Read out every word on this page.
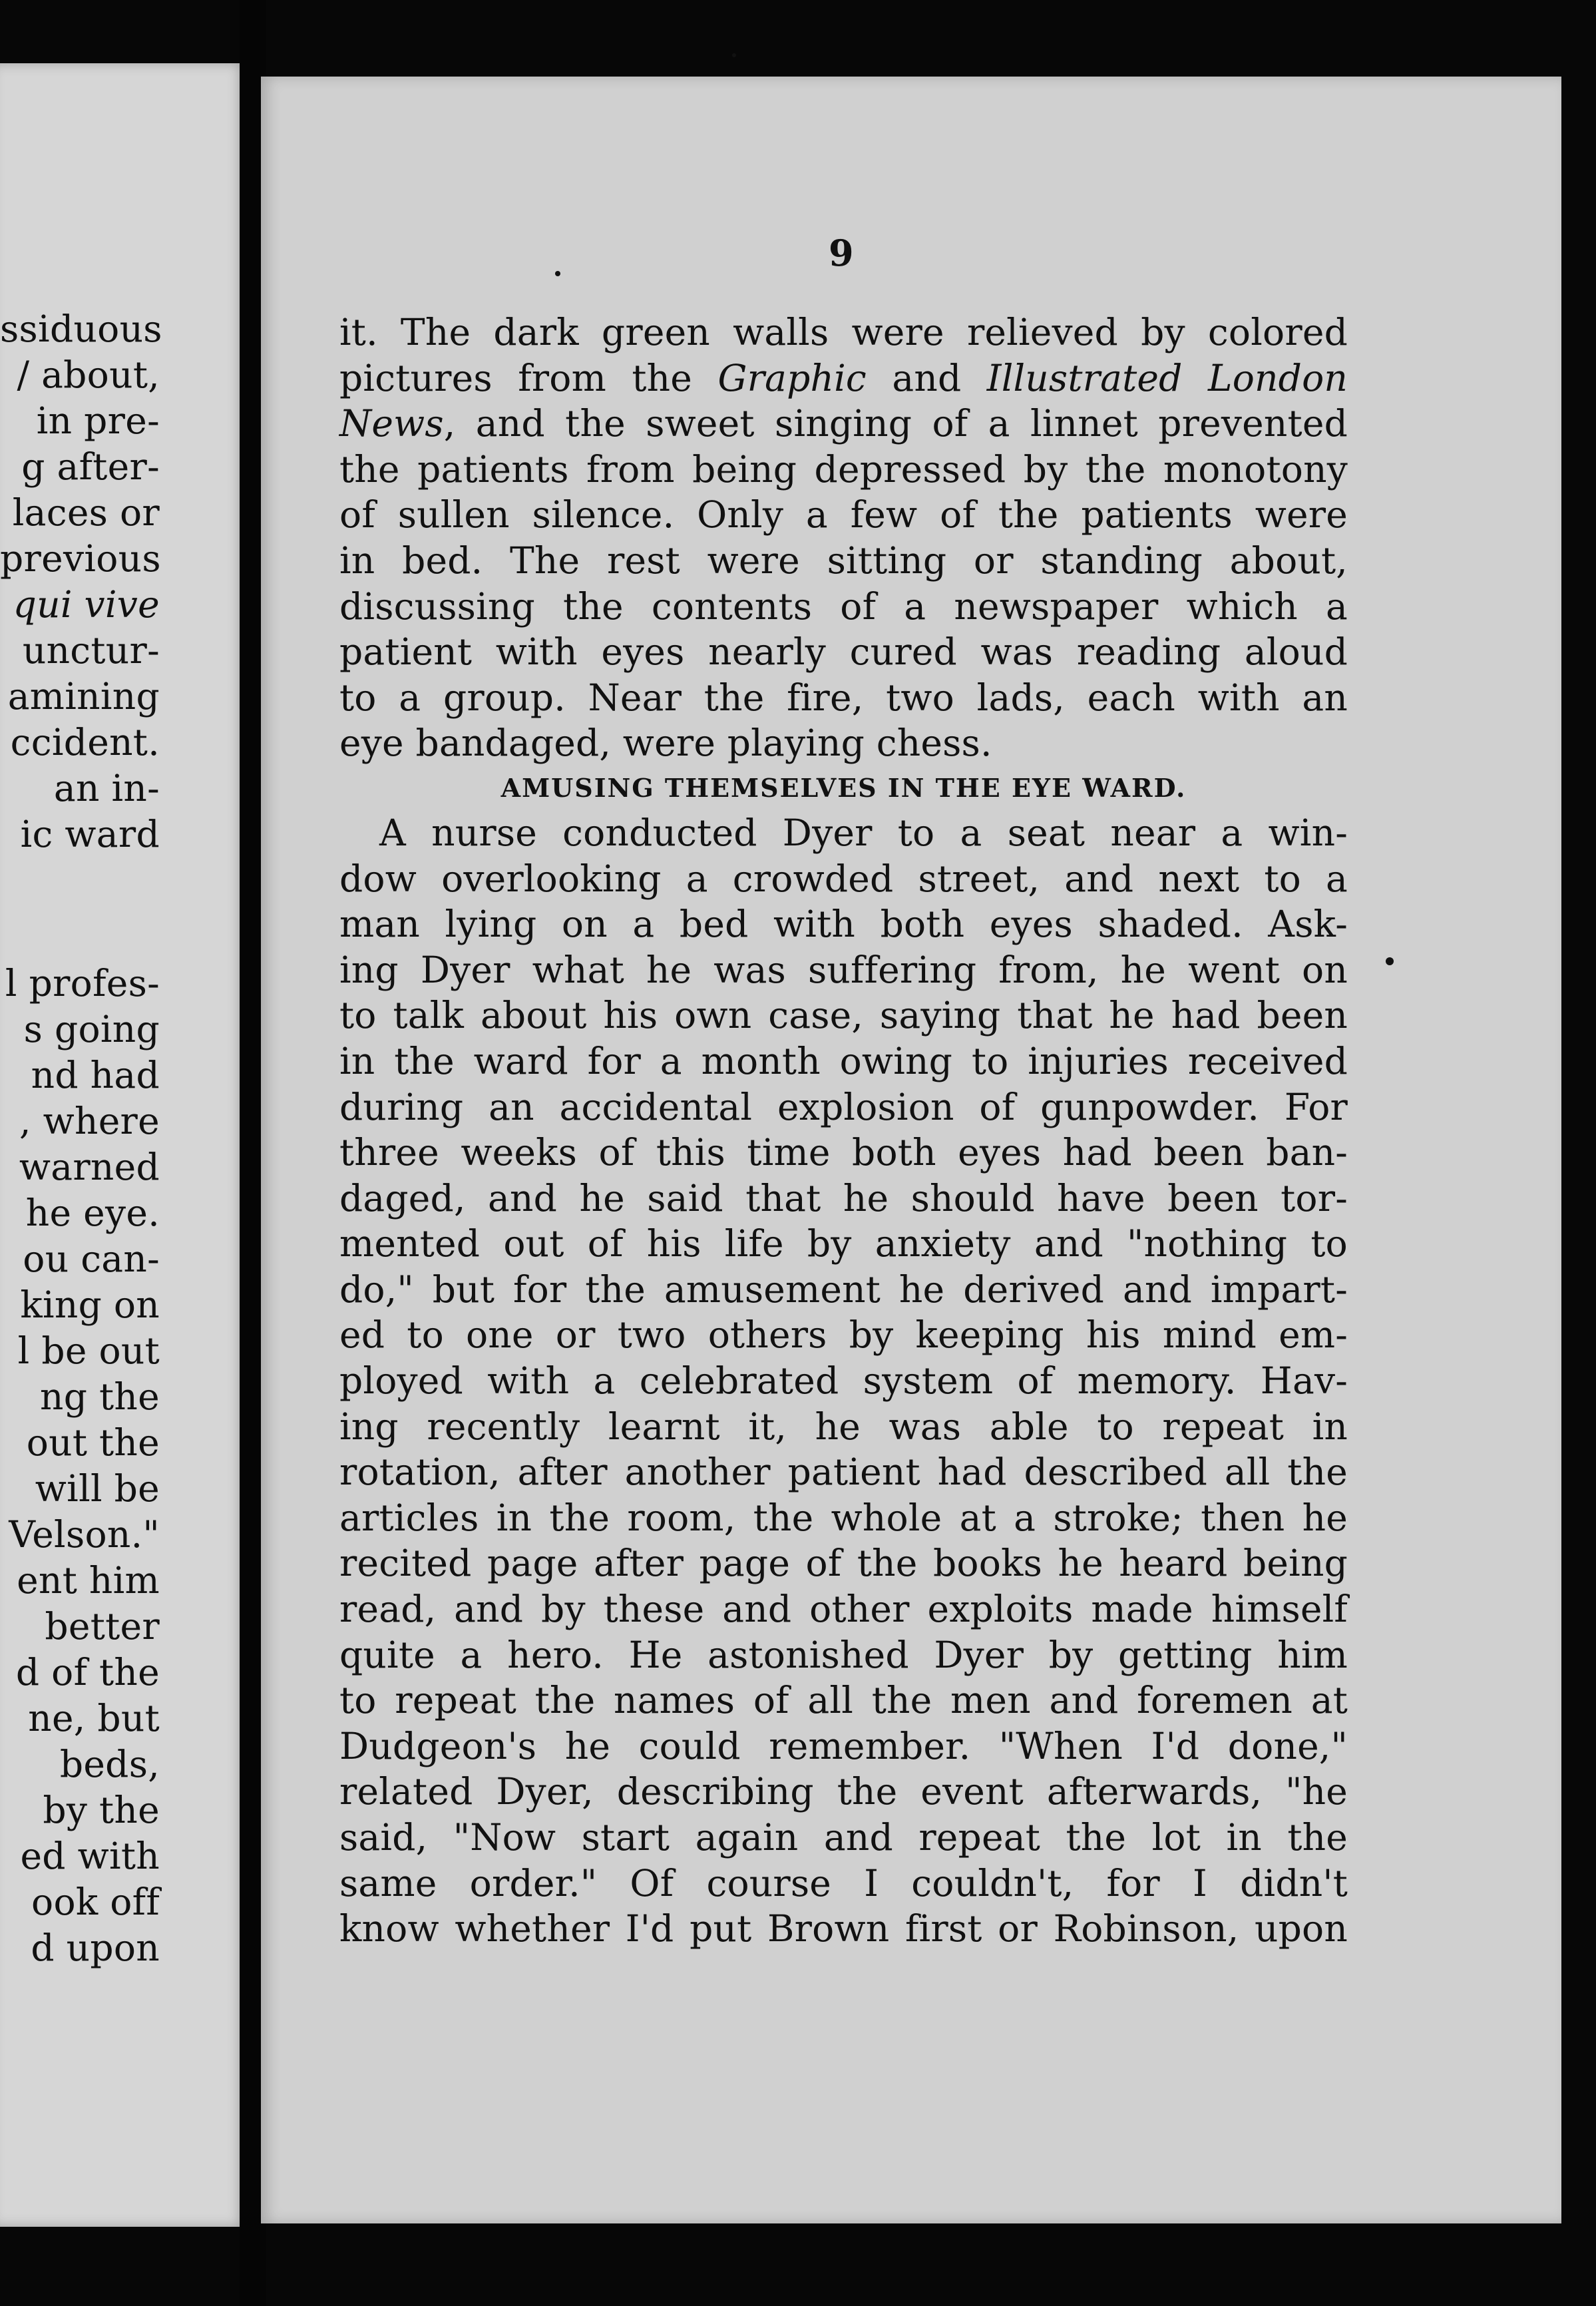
ssiduous
/ about,
in pre-
g after-
laces or
previous
qui vive
unctur-
amining
ccident.
an in-
ic ward
l profes-
s going
nd had
, where
warned
he eye.
ou can-
king on
l be out
ng the
out the
will be
Velson."
ent him
better
d of the
ne, but
beds,
by the
ed with
ook off
d upon
9
it. The dark green walls were relieved by colored
pictures from the Graphic and Illustrated London
News, and the sweet singing of a linnet prevented
the patients from being depressed by the monotony
of sullen silence. Only a few of the patients were
in bed. The rest were sitting or standing about,
discussing the contents of a newspaper which a
patient with eyes nearly cured was reading aloud
to a group. Near the fire, two lads, each with an
eye bandaged, were playing chess.
AMUSING THEMSELVES IN THE EYE WARD.
A nurse conducted Dyer to a seat near a win-
dow overlooking a crowded street, and next to a
man lying on a bed with both eyes shaded. Ask-
ing Dyer what he was suffering from, he went on
to talk about his own case, saying that he had been
in the ward for a month owing to injuries received
during an accidental explosion of gunpowder. For
three weeks of this time both eyes had been ban-
daged, and he said that he should have been tor-
mented out of his life by anxiety and "nothing to
do," but for the amusement he derived and impart-
ed to one or two others by keeping his mind em-
ployed with a celebrated system of memory. Hav-
ing recently learnt it, he was able to repeat in
rotation, after another patient had described all the
articles in the room, the whole at a stroke; then he
recited page after page of the books he heard being
read, and by these and other exploits made himself
quite a hero. He astonished Dyer by getting him
to repeat the names of all the men and foremen at
Dudgeon's he could remember. "When I'd done,"
related Dyer, describing the event afterwards, "he
said, "Now start again and repeat the lot in the
same order." Of course I couldn't, for I didn't
know whether I'd put Brown first or Robinson, upon
